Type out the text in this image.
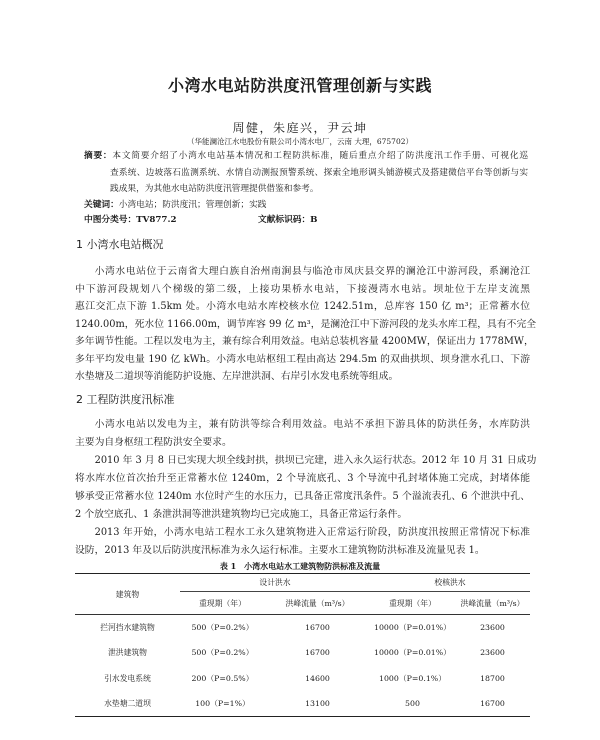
小湾水电站防洪度汛管理创新与实践
周健，朱庭兴，尹云坤
（华能澜沧江水电股份有限公司小湾水电厂，云南 大理，675702）
摘要：本文简要介绍了小湾水电站基本情况和工程防洪标准，随后重点介绍了防洪度汛工作手册、可视化巡
查系统、边坡落石监测系统、水情自动测报预警系统、探索全地形调头铺游模式及搭建微信平台等创新与实
践成果，为其他水电站防洪度汛管理提供借鉴和参考。
关键词：小湾电站；防洪度汛；管理创新；实践
中图分类号：TV877.2	文献标识码：B
1 小湾水电站概况
小湾水电站位于云南省大理白族自治州南涧县与临沧市凤庆县交界的澜沧江中游河段，系澜沧江
中下游河段规划八个梯级的第二级，上接功果桥水电站，下接漫湾水电站。坝址位于左岸支流黑
惠江交汇点下游 1.5km 处。小湾水电站水库校核水位 1242.51m，总库容 150 亿 m³；正常蓄水位
1240.00m，死水位 1166.00m，调节库容 99 亿 m³，是澜沧江中下游河段的龙头水库工程，具有不完全
多年调节性能。工程以发电为主，兼有综合利用效益。电站总装机容量 4200MW，保证出力 1778MW，
多年平均发电量 190 亿 kWh。小湾水电站枢纽工程由高达 294.5m 的双曲拱坝、坝身泄水孔口、下游
水垫塘及二道坝等消能防护设施、左岸泄洪洞、右岸引水发电系统等组成。
2 工程防洪度汛标准
小湾水电站以发电为主，兼有防洪等综合利用效益。电站不承担下游具体的防洪任务，水库防洪
主要为自身枢纽工程防洪安全要求。
2010 年 3 月 8 日已实现大坝全线封拱，拱坝已完建，进入永久运行状态。2012 年 10 月 31 日成功
将水库水位首次抬升至正常蓄水位 1240m，2 个导流底孔、3 个导流中孔封堵体施工完成，封堵体能
够承受正常蓄水位 1240m 水位时产生的水压力，已具备正常度汛条件。5 个溢流表孔、6 个泄洪中孔、
2 个放空底孔、1 条泄洪洞等泄洪建筑物均已完成施工，具备正常运行条件。
2013 年开始，小湾水电站工程水工永久建筑物进入正常运行阶段，防洪度汛按照正常情况下标准
设防，2013 年及以后防洪度汛标准为永久运行标准。主要水工建筑物防洪标准及流量见表 1。
表 1　小湾水电站水工建筑物防洪标准及流量
建筑物	设计洪水		校核洪水	
	重现期（年）	洪峰流量（m³/s）	重现期（年）	洪峰流量（m³/s）
拦河挡水建筑物	500（P=0.2%）	16700	10000（P=0.01%）	23600
泄洪建筑物	500（P=0.2%）	16700	10000（P=0.01%）	23600
引水发电系统	200（P=0.5%）	14600	1000（P=0.1%）	18700
水垫塘二道坝	100（P=1%）	13100	500	16700
